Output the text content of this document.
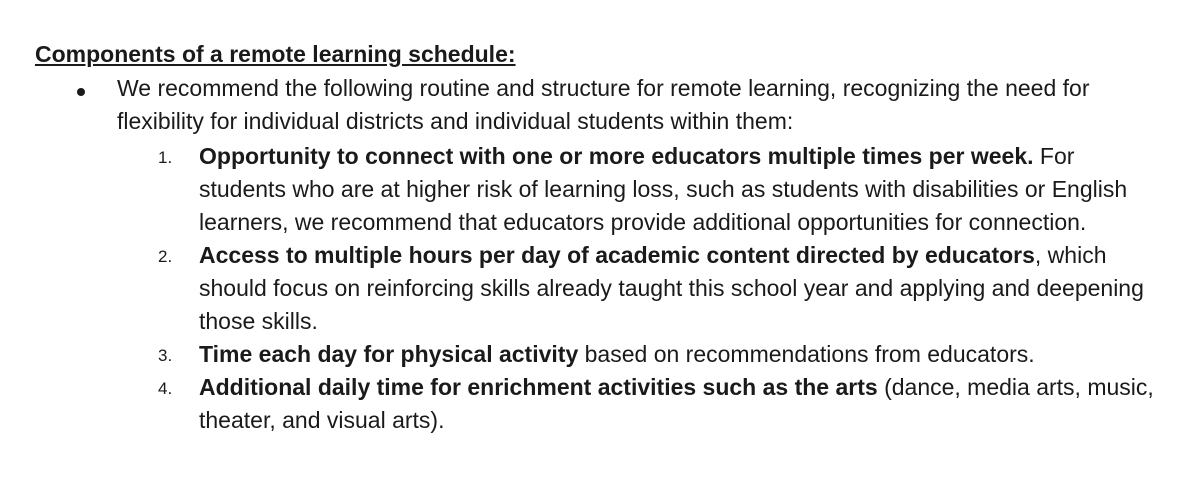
Components of a remote learning schedule:

We recommend the following routine and structure for remote learning, recognizing the need for flexibility for individual districts and individual students within them:

1. Opportunity to connect with one or more educators multiple times per week. For students who are at higher risk of learning loss, such as students with disabilities or English learners, we recommend that educators provide additional opportunities for connection.
2. Access to multiple hours per day of academic content directed by educators, which should focus on reinforcing skills already taught this school year and applying and deepening those skills.
3. Time each day for physical activity based on recommendations from educators.
4. Additional daily time for enrichment activities such as the arts (dance, media arts, music, theater, and visual arts).
